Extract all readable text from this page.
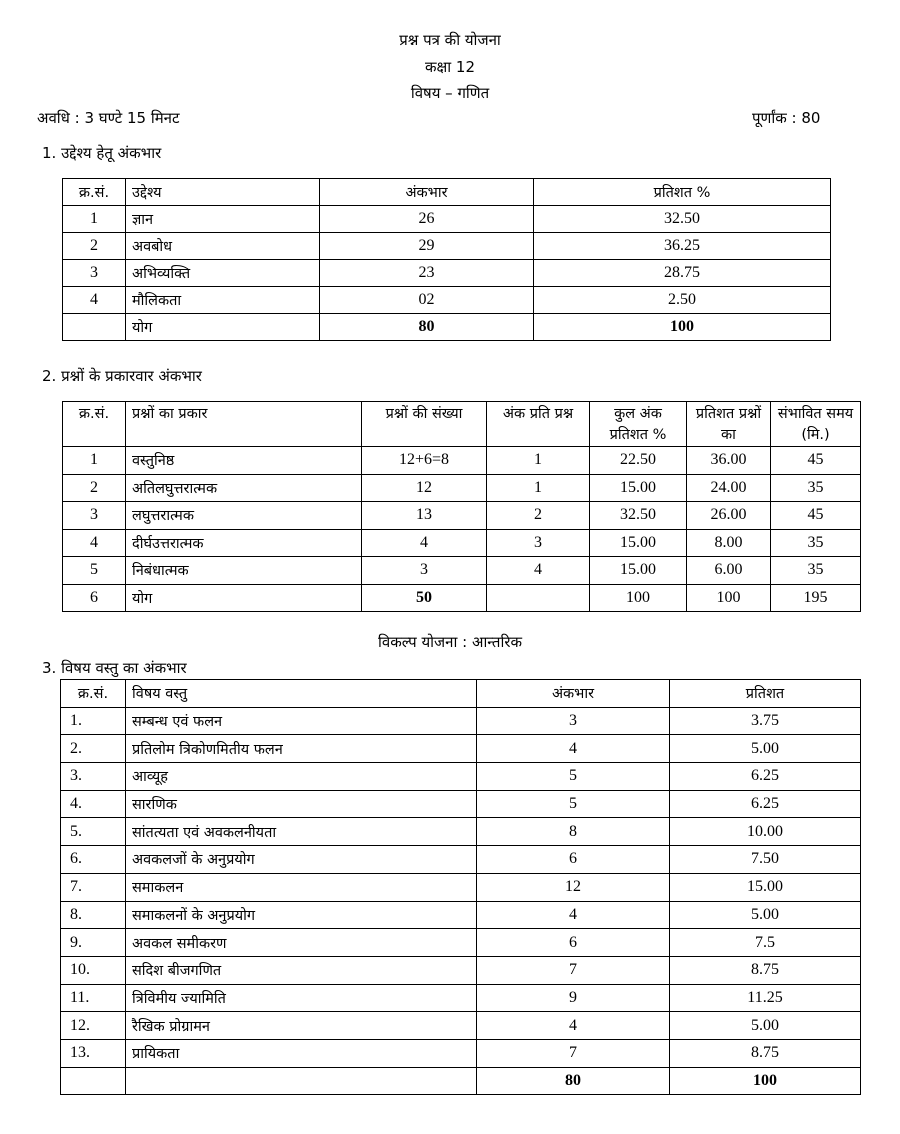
प्रश्न पत्र की योजना
कक्षा 12
विषय – गणित
अवधि : 3 घण्टे 15 मिनट	पूर्णांक : 80
1. उद्देश्य हेतू अंकभार
क्र.सं.	उद्देश्य	अंकभार	प्रतिशत %
1	ज्ञान	26	32.50
2	अवबोध	29	36.25
3	अभिव्यक्ति	23	28.75
4	मौलिकता	02	2.50
	योग	80	100
2. प्रश्नों के प्रकारवार अंकभार
क्र.सं.	प्रश्नों का प्रकार	प्रश्नों की संख्या	अंक प्रति प्रश्न	कुल अंक प्रतिशत %	प्रतिशत प्रश्नों का	संभावित समय (मि.)
1	वस्तुनिष्ठ	12+6=8	1	22.50	36.00	45
2	अतिलघुत्तरात्मक	12	1	15.00	24.00	35
3	लघुत्तरात्मक	13	2	32.50	26.00	45
4	दीर्घउत्तरात्मक	4	3	15.00	8.00	35
5	निबंधात्मक	3	4	15.00	6.00	35
6	योग	50		100	100	195
विकल्प योजना : आन्तरिक
3. विषय वस्तु का अंकभार
क्र.सं.	विषय वस्तु	अंकभार	प्रतिशत
1.	सम्बन्ध एवं फलन	3	3.75
2.	प्रतिलोम त्रिकोणमितीय फलन	4	5.00
3.	आव्यूह	5	6.25
4.	सारणिक	5	6.25
5.	सांतत्यता एवं अवकलनीयता	8	10.00
6.	अवकलजों के अनुप्रयोग	6	7.50
7.	समाकलन	12	15.00
8.	समाकलनों के अनुप्रयोग	4	5.00
9.	अवकल समीकरण	6	7.5
10.	सदिश बीजगणित	7	8.75
11.	त्रिविमीय ज्यामिति	9	11.25
12.	रैखिक प्रोग्रामन	4	5.00
13.	प्रायिकता	7	8.75
		80	100
